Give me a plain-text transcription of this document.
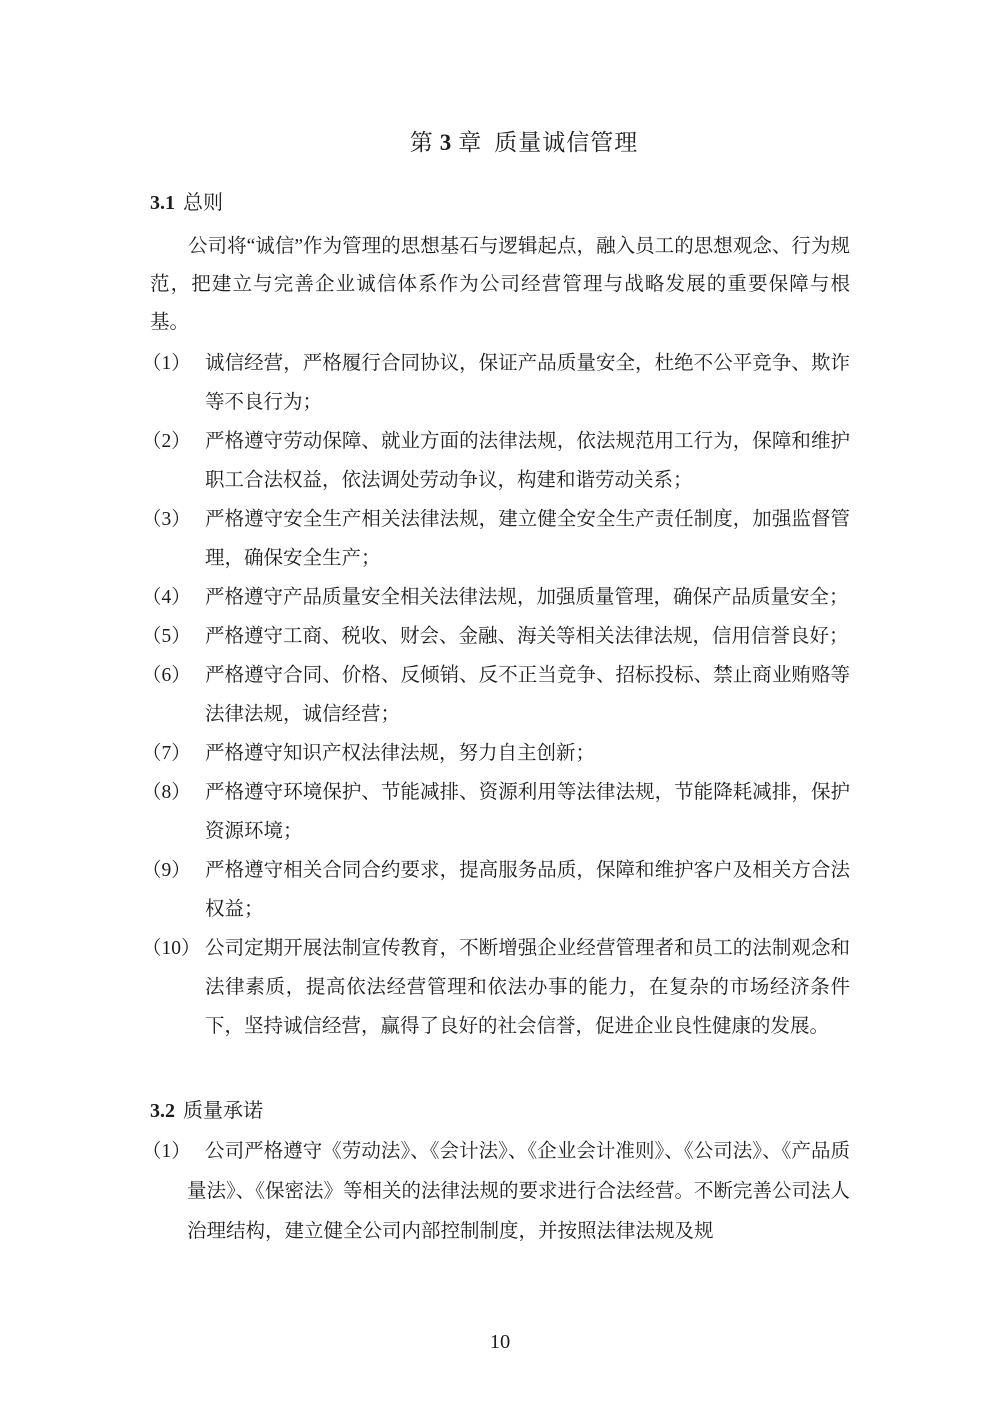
第 3 章 质量诚信管理
3.1 总则

公司将“诚信”作为管理的思想基石与逻辑起点，融入员工的思想观念、行为规范，把建立与完善企业诚信体系作为公司经营管理与战略发展的重要保障与根基。

（1） 诚信经营，严格履行合同协议，保证产品质量安全，杜绝不公平竞争、欺诈等不良行为；
（2） 严格遵守劳动保障、就业方面的法律法规，依法规范用工行为，保障和维护职工合法权益，依法调处劳动争议，构建和谐劳动关系；
（3） 严格遵守安全生产相关法律法规，建立健全安全生产责任制度，加强监督管理，确保安全生产；
（4） 严格遵守产品质量安全相关法律法规，加强质量管理，确保产品质量安全；
（5） 严格遵守工商、税收、财会、金融、海关等相关法律法规，信用信誉良好；
（6） 严格遵守合同、价格、反倾销、反不正当竞争、招标投标、禁止商业贿赂等法律法规，诚信经营；
（7） 严格遵守知识产权法律法规，努力自主创新；
（8） 严格遵守环境保护、节能减排、资源利用等法律法规，节能降耗减排，保护资源环境；
（9） 严格遵守相关合同合约要求，提高服务品质，保障和维护客户及相关方合法权益；
（10） 公司定期开展法制宣传教育，不断增强企业经营管理者和员工的法制观念和法律素质，提高依法经营管理和依法办事的能力，在复杂的市场经济条件下，坚持诚信经营，赢得了良好的社会信誉，促进企业良性健康的发展。
3.2 质量承诺
（1） 公司严格遵守《劳动法》、《会计法》、《企业会计准则》、《公司法》、《产品质量法》、《保密法》等相关的法律法规的要求进行合法经营。不断完善公司法人治理结构，建立健全公司内部控制制度，并按照法律法规及规
10
